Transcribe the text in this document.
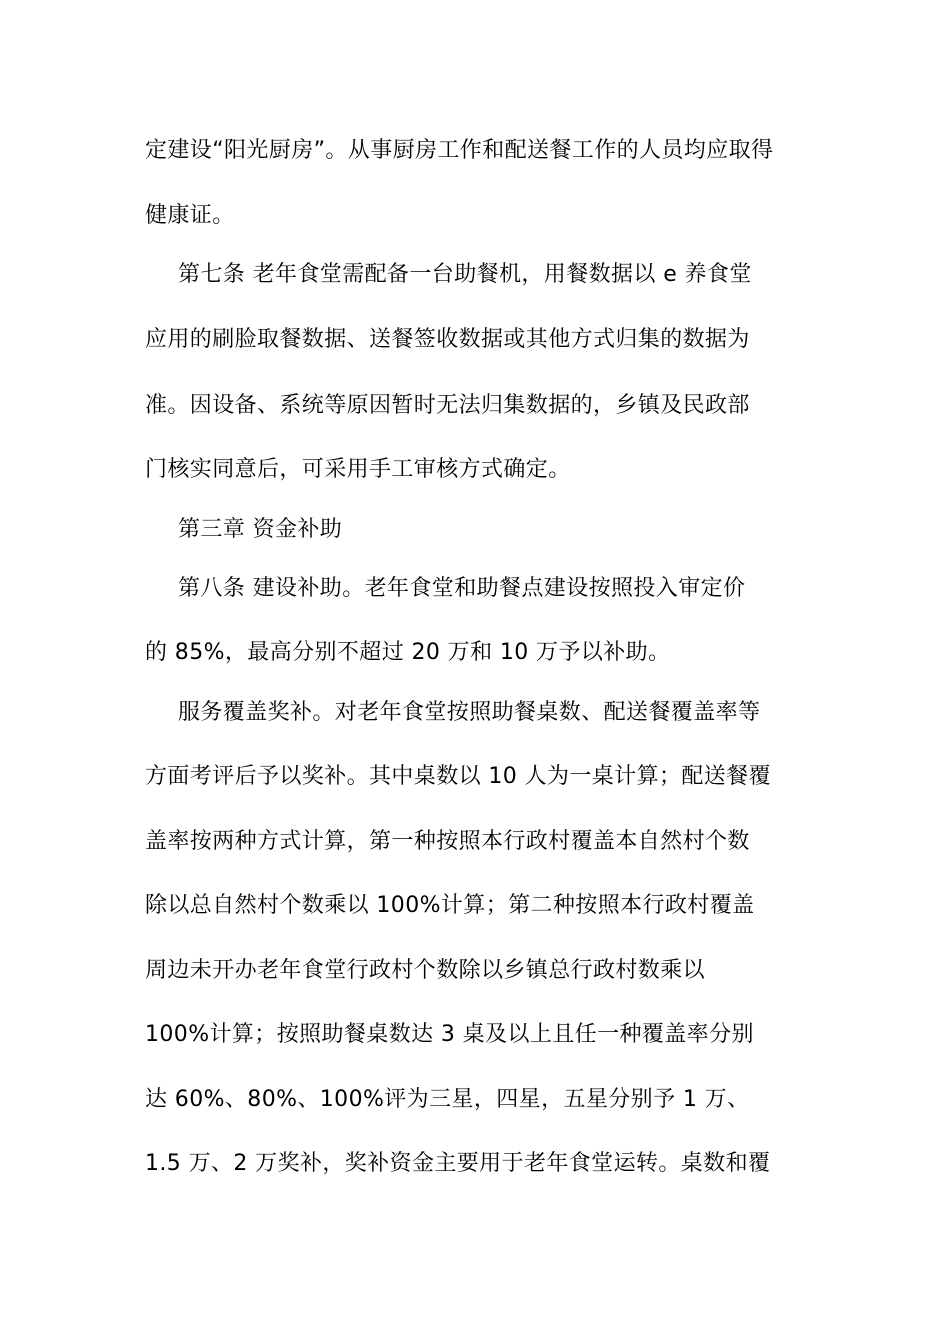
定建设“阳光厨房”。从事厨房工作和配送餐工作的人员均应取得
健康证。
第七条 老年食堂需配备一台助餐机，用餐数据以 e 养食堂
应用的刷脸取餐数据、送餐签收数据或其他方式归集的数据为
准。因设备、系统等原因暂时无法归集数据的，乡镇及民政部
门核实同意后，可采用手工审核方式确定。
第三章 资金补助
第八条 建设补助。老年食堂和助餐点建设按照投入审定价
的 85%，最高分别不超过 20 万和 10 万予以补助。
服务覆盖奖补。对老年食堂按照助餐桌数、配送餐覆盖率等
方面考评后予以奖补。其中桌数以 10 人为一桌计算；配送餐覆
盖率按两种方式计算，第一种按照本行政村覆盖本自然村个数
除以总自然村个数乘以 100%计算；第二种按照本行政村覆盖
周边未开办老年食堂行政村个数除以乡镇总行政村数乘以
100%计算；按照助餐桌数达 3 桌及以上且任一种覆盖率分别
达 60%、80%、100%评为三星，四星，五星分别予 1 万、
1.5 万、2 万奖补，奖补资金主要用于老年食堂运转。桌数和覆
